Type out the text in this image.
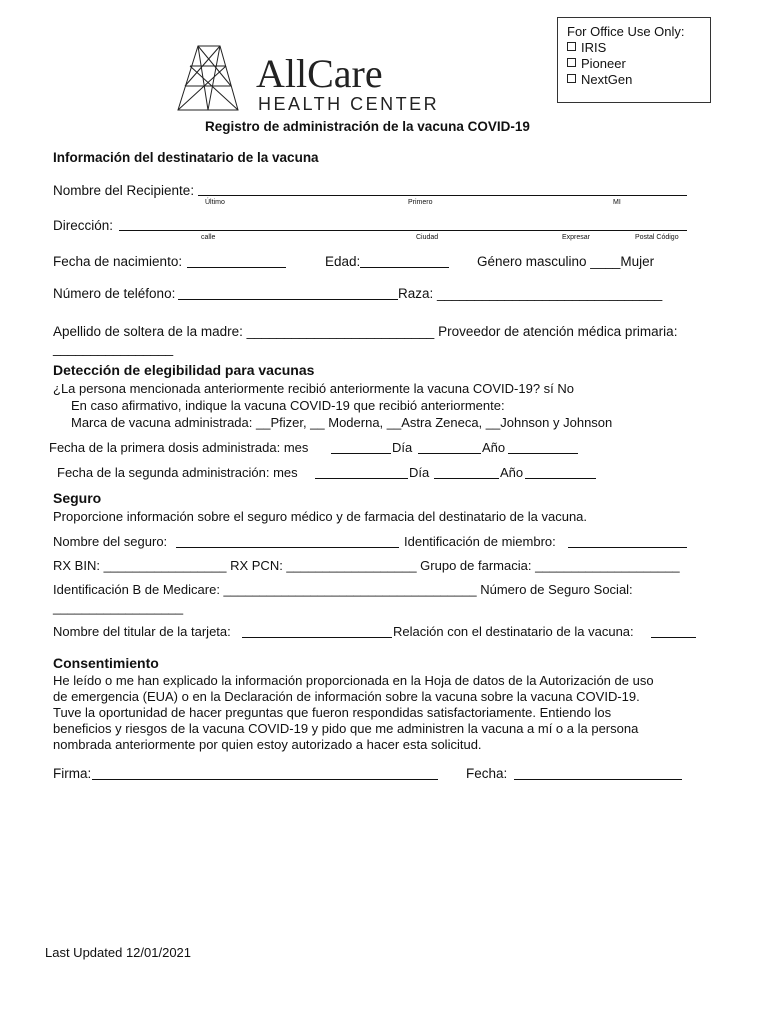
For Office Use Only:
IRIS
Pioneer
NextGen
AllCare
HEALTH CENTER
Registro de administración de la vacuna COVID-19
Información del destinatario de la vacuna
Nombre del Recipiente:
Último	Primero	MI
Dirección:
calle	Ciudad	Expresar	Postal Código
Fecha de nacimiento:	Edad:	Género masculino ____Mujer
Número de teléfono:	Raza: ______________________________
Apellido de soltera de la madre: _________________________ Proveedor de atención médica primaria:
________________
Detección de elegibilidad para vacunas
¿La persona mencionada anteriormente recibió anteriormente la vacuna COVID-19? sí No
En caso afirmativo, indique la vacuna COVID-19 que recibió anteriormente:
Marca de vacuna administrada: __Pfizer, __ Moderna, __Astra Zeneca, __Johnson y Johnson
Fecha de la primera dosis administrada: mes	Día	Año
Fecha de la segunda administración: mes	Día	Año
Seguro
Proporcione información sobre el seguro médico y de farmacia del destinatario de la vacuna.
Nombre del seguro:	Identificación de miembro:
RX BIN: _________________ RX PCN: __________________ Grupo de farmacia: ____________________
Identificación B de Medicare: ___________________________________ Número de Seguro Social:
__________________
Nombre del titular de la tarjeta:	Relación con el destinatario de la vacuna:
Consentimiento
He leído o me han explicado la información proporcionada en la Hoja de datos de la Autorización de uso
de emergencia (EUA) o en la Declaración de información sobre la vacuna sobre la vacuna COVID-19.
Tuve la oportunidad de hacer preguntas que fueron respondidas satisfactoriamente. Entiendo los
beneficios y riesgos de la vacuna COVID-19 y pido que me administren la vacuna a mí o a la persona
nombrada anteriormente por quien estoy autorizado a hacer esta solicitud.
Firma:	Fecha:
Last Updated 12/01/2021
